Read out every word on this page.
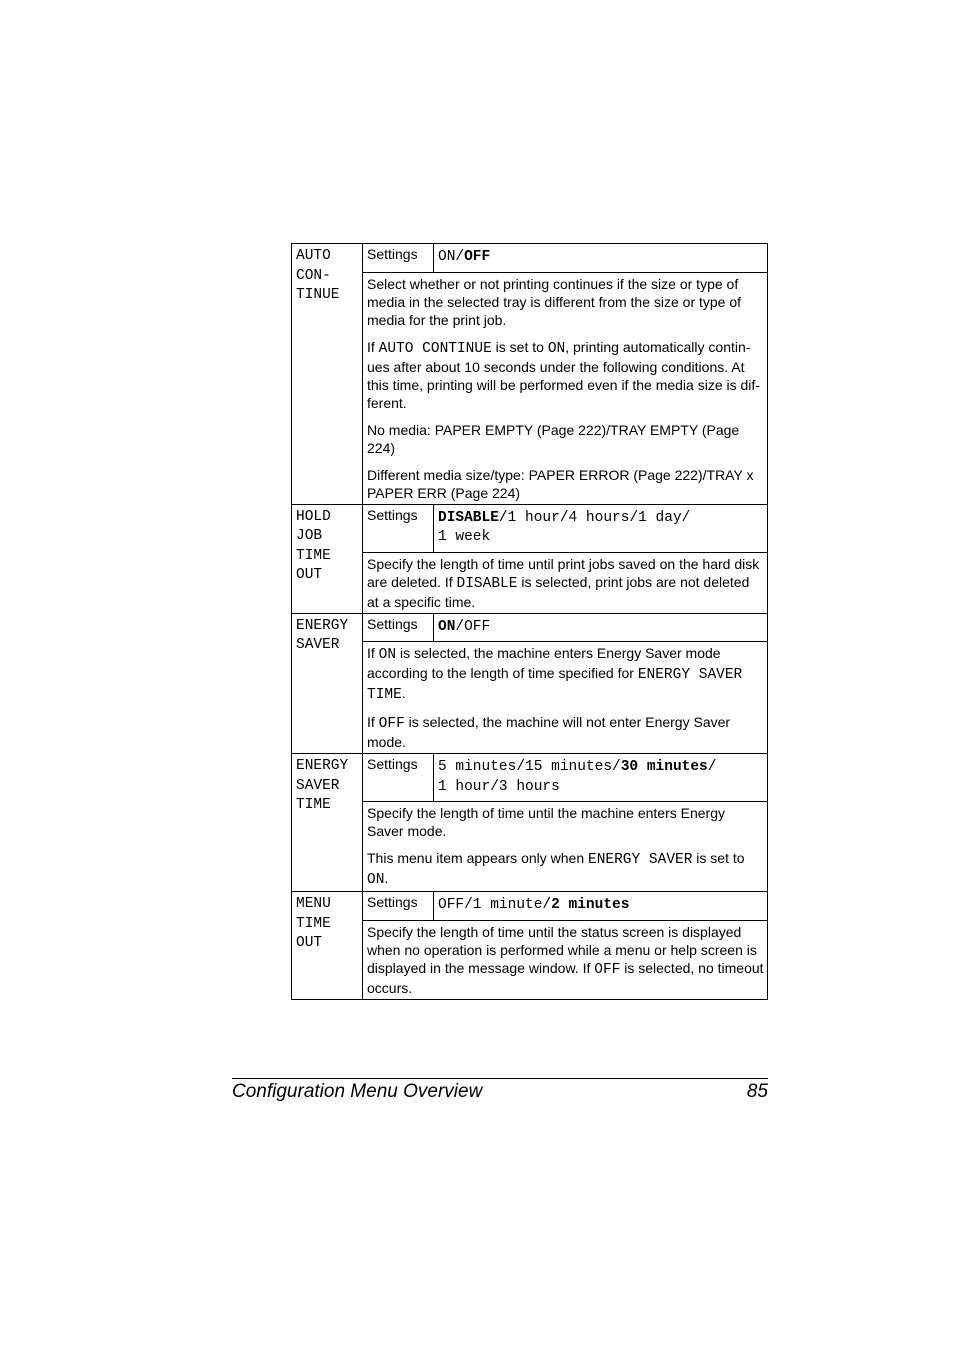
AUTO
CON-
TINUE	Settings	ON/OFF

	Select whether or not printing continues if the size or type of media in the selected tray is different from the size or type of media for the print job.

If AUTO CONTINUE is set to ON, printing automatically contin-ues after about 10 seconds under the following conditions. At this time, printing will be performed even if the media size is dif-ferent.

No media: PAPER EMPTY (Page 222)/TRAY EMPTY (Page 224)

Different media size/type: PAPER ERROR (Page 222)/TRAY x PAPER ERR (Page 224)	

HOLD
JOB
TIME
OUT	Settings	DISABLE/1 hour/4 hours/1 day/
1 week

	Specify the length of time until print jobs saved on the hard disk are deleted. If DISABLE is selected, print jobs are not deleted at a specific time.	

ENERGY
SAVER	Settings	ON/OFF

	If ON is selected, the machine enters Energy Saver mode according to the length of time specified for ENERGY SAVER TIME.

If OFF is selected, the machine will not enter Energy Saver mode.	

ENERGY
SAVER
TIME	Settings	5 minutes/15 minutes/30 minutes/
1 hour/3 hours

	Specify the length of time until the machine enters Energy Saver mode.

This menu item appears only when ENERGY SAVER is set to ON.	

MENU
TIME
OUT	Settings	OFF/1 minute/2 minutes

	Specify the length of time until the status screen is displayed when no operation is performed while a menu or help screen is displayed in the message window. If OFF is selected, no timeout occurs.	

Configuration Menu Overview	85
